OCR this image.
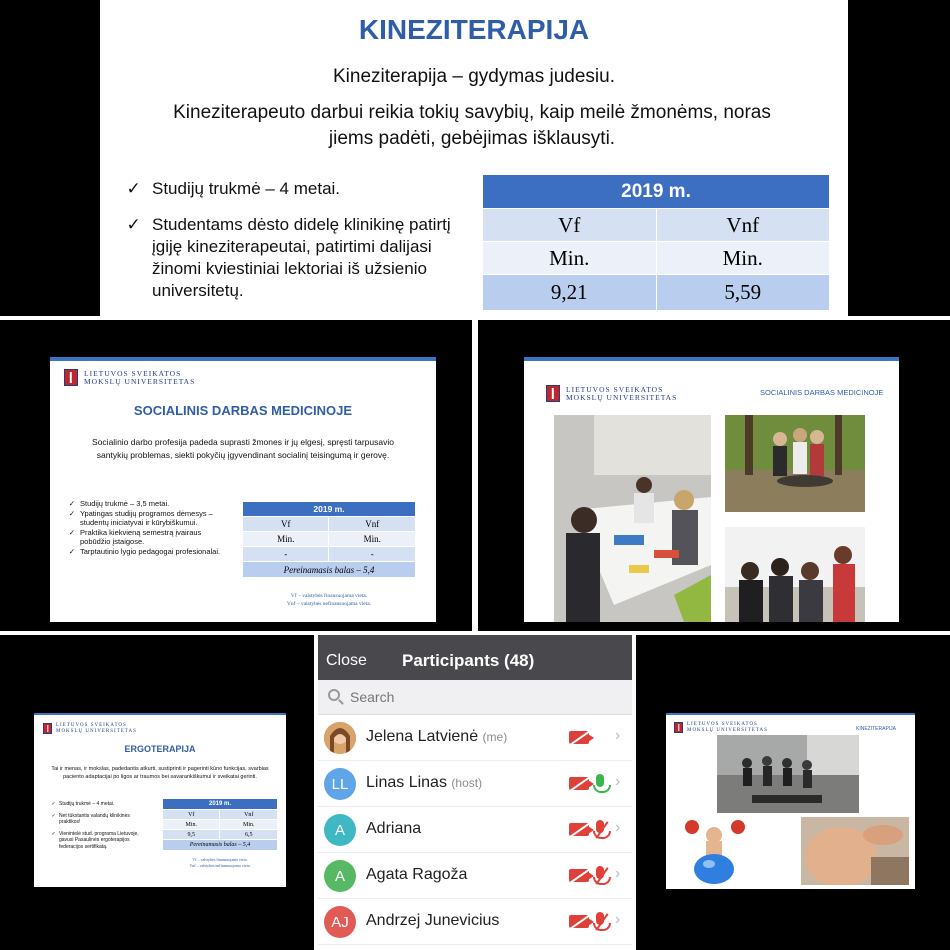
KINEZITERAPIJA
Kineziterapija – gydymas judesiu.
Kineziterapeuto darbui reikia tokių savybių, kaip meilė žmonėms, noras jiems padėti, gebėjimas išklausyti.
✓ Studijų trukmė – 4 metai.
✓ Studentams dėsto didelę klinikinę patirtį įgiję kineziterapeutai, patirtimi dalijasi žinomi kviestiniai lektoriai iš užsienio universitetų.
2019 m.	
Vf	Vnf
Min.	Min.
9,21	5,59
LIETUVOS SVEIKATOS
MOKSLŲ UNIVERSITETAS
SOCIALINIS DARBAS MEDICINOJE
Socialinio darbo profesija padeda suprasti žmones ir jų elgesį, spręsti tarpusavio santykių problemas, siekti pokyčių įgyvendinant socialinį teisingumą ir gerovę.
✓ Studijų trukmė – 3,5 metai.
✓ Ypatingas studijų programos dėmesys – studentų iniciatyvai ir kūrybiškumui.
✓ Praktika kiekvieną semestrą įvairaus pobūdžio įstaigose.
✓ Tarptautinio lygio pedagogai profesionalai.
2019 m.	
Vf	Vnf
Min.	Min.
-	-
Pereinamasis balas – 5,4	
Vf – valstybės finansuojama vieta.
Vnf – valstybės nefinansuojama vieta.
LIETUVOS SVEIKATOS
MOKSLŲ UNIVERSITETAS	SOCIALINIS DARBAS MEDICINOJE
LIETUVOS SVEIKATOS
MOKSLŲ UNIVERSITETAS
ERGOTERAPIJA
Tai ir menas, ir mokslas, padedantis atkurti, sustiprinti ir pagerinti kūno funkcijas, svarbias paciento adaptacijai po ligos ar traumos bei savarankiškumui ir sveikatai gerinti.
✓ Studijų trukmė – 4 metai.
✓ Net tūkstantis valandų klinikinės praktikos!
✓ Vienintelė stud. programa Lietuvoje, gavusi Pasaulinės ergoterapijos federacijos sertifikatą.
2019 m.	
Vf	Vnf
Min.	Min.
9,5	6,5
Pereinamasis balas – 5,4	
Vf – valstybės finansuojama vieta.
Vnf – valstybės nefinansuojama vieta.
Close Participants (48)
Search
Jelena Latvienė (me)	›
LL	Linas Linas (host)	›
A	Adriana	›
A	Agata Ragoža	›
AJ	Andrzej Junevicius	›
LIETUVOS SVEIKATOS
MOKSLŲ UNIVERSITETAS	KINEZITERAPIJA
